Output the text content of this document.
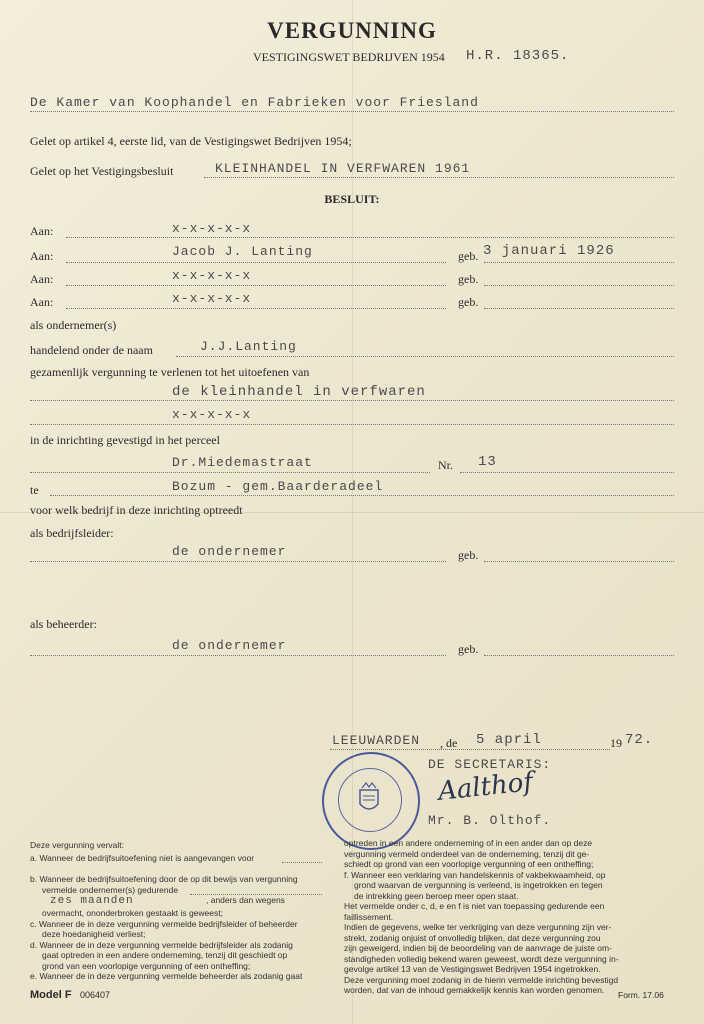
VERGUNNING
VESTIGINGSWET BEDRIJVEN 1954 H.R. 18365.
De Kamer van Koophandel en Fabrieken voor Friesland
Gelet op artikel 4, eerste lid, van de Vestigingswet Bedrijven 1954;
Gelet op het Vestigingsbesluit	KLEINHANDEL IN VERFWAREN 1961
BESLUIT:
Aan:	x-x-x-x-x
Aan:	Jacob J. Lanting	geb. 3 januari 1926
Aan:	x-x-x-x-x	geb.
Aan:	x-x-x-x-x	geb.
als ondernemer(s)
handelend onder de naam	J.J.Lanting
gezamenlijk vergunning te verlenen tot het uitoefenen van
de kleinhandel in verfwaren
x-x-x-x-x
in de inrichting gevestigd in het perceel
Dr.Miedemastraat	Nr. 13
te	Bozum - gem.Baarderadeel
voor welk bedrijf in deze inrichting optreedt
als bedrijfsleider:
de ondernemer	geb.
als beheerder:
de ondernemer	geb.
LEEUWARDEN , de 5 april	19 72.
DE SECRETARIS:
Aalthof
Mr. B. Olthof.
Deze vergunning vervalt:
a. Wanneer de bedrijfsuitoefening niet is aangevangen voor
b. Wanneer de bedrijfsuitoefening door de op dit bewijs van vergunning
vermelde ondernemer(s) gedurende
zes maanden	, anders dan wegens
overmacht, ononderbroken gestaakt is geweest;
c. Wanneer de in deze vergunning vermelde bedrijfsleider of beheerder
deze hoedanigheid verliest;
d. Wanneer de in deze vergunning vermelde bedrijfsleider als zodanig
gaat optreden in een andere onderneming, tenzij dit geschiedt op
grond van een voorlopige vergunning of een ontheffing;
e. Wanneer de in deze vergunning vermelde beheerder als zodanig gaat
optreden in een andere onderneming of in een ander dan op deze
vergunning vermeld onderdeel van de onderneming, tenzij dit ge-
schiedt op grond van een voorlopige vergunning of een ontheffing;
f. Wanneer een verklaring van handelskennis of vakbekwaamheid, op
grond waarvan de vergunning is verleend, is ingetrokken en tegen
de intrekking geen beroep meer open staat.
Het vermelde onder c, d, e en f is niet van toepassing gedurende een
faillissement.
Indien de gegevens, welke ter verkrijging van deze vergunning zijn ver-
strekt, zodanig onjuist of onvolledig blijken, dat deze vergunning zou
zijn geweigerd, indien bij de beoordeling van de aanvrage de juiste om-
standigheden volledig bekend waren geweest, wordt deze vergunning in-
gevolge artikel 13 van de Vestigingswet Bedrijven 1954 ingetrokken.
Deze vergunning moet zodanig in de hierin vermelde inrichting bevestigd
worden, dat van de inhoud gemakkelijk kennis kan worden genomen.
Model F 006407	Form. 17.06
